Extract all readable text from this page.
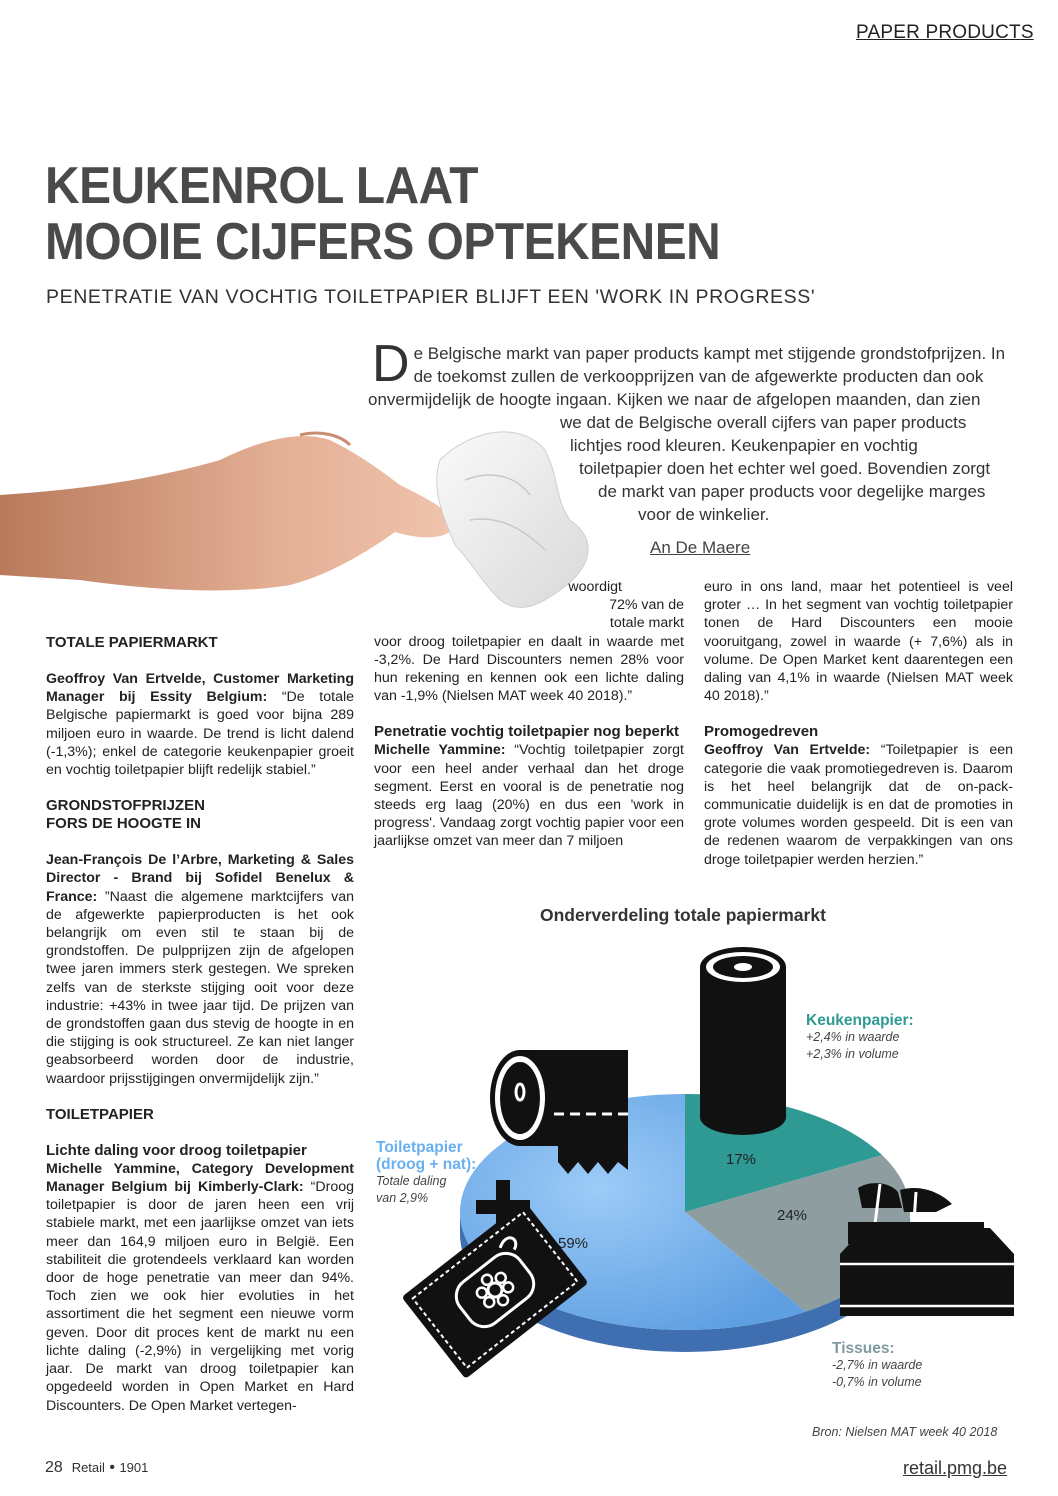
PAPER PRODUCTS
KEUKENROL LAAT
MOOIE CIJFERS OPTEKENEN
PENETRATIE VAN VOCHTIG TOILETPAPIER BLIJFT EEN 'WORK IN PROGRESS'
D e Belgische markt van paper products kampt met stijgende grondstofprijzen. In

de toekomst zullen de verkoopprijzen van de afgewerkte producten dan ook

onvermijdelijk de hoogte ingaan. Kijken we naar de afgelopen maanden, dan zien

we dat de Belgische overall cijfers van paper products

lichtjes rood kleuren. Keukenpapier en vochtig

toiletpapier doen het echter wel goed. Bovendien zorgt

de markt van paper products voor degelijke marges

voor de winkelier.

An De Maere
TOTALE PAPIERMARKT

Geoffroy Van Ertvelde, Customer Marketing Manager bij Essity Belgium: “De totale Belgische papiermarkt is goed voor bijna 289 miljoen euro in waarde. De trend is licht dalend (-1,3%); enkel de categorie keukenpapier groeit en vochtig toiletpapier blijft redelijk stabiel.”

GRONDSTOFPRIJZEN
FORS DE HOOGTE IN

Jean-François De l’Arbre, Marketing & Sales Director - Brand bij Sofidel Benelux & France: ”Naast die algemene marktcijfers van de afgewerkte papierproducten is het ook belangrijk om even stil te staan bij de grondstoffen. De pulpprijzen zijn de afgelopen twee jaren immers sterk gestegen. We spreken zelfs van de sterkste stijging ooit voor deze industrie: +43% in twee jaar tijd. De prijzen van de grondstoffen gaan dus stevig de hoogte in en die stijging is ook structureel. Ze kan niet langer geabsorbeerd worden door de industrie, waardoor prijsstijgingen onvermijdelijk zijn.”

TOILETPAPIER
Lichte daling voor droog toiletpapier

Michelle Yammine, Category Development Manager Belgium bij Kimberly-Clark: “Droog toiletpapier is door de jaren heen een vrij stabiele markt, met een jaarlijkse omzet van iets meer dan 164,9 miljoen euro in België. Een stabiliteit die grotendeels verklaard kan worden door de hoge penetratie van meer dan 94%. Toch zien we ook hier evoluties in het assortiment die het segment een nieuwe vorm geven. Door dit proces kent de markt nu een lichte daling (-2,9%) in vergelijking met vorig jaar. De markt van droog toiletpapier kan opgedeeld worden in Open Market en Hard Discounters. De Open Market vertegen-

woordigt

72% van de

totale markt

voor droog toiletpapier en daalt in waarde met -3,2%. De Hard Discounters nemen 28% voor hun rekening en kennen ook een lichte daling van -1,9% (Nielsen MAT week 40 2018).”

Penetratie vochtig toiletpapier nog beperkt

Michelle Yammine: “Vochtig toiletpapier zorgt voor een heel ander verhaal dan het droge segment. Eerst en vooral is de penetratie nog steeds erg laag (20%) en dus een 'work in progress'. Vandaag zorgt vochtig papier voor een jaarlijkse omzet van meer dan 7 miljoen

euro in ons land, maar het potentieel is veel groter … In het segment van vochtig toiletpapier tonen de Hard Discounters een mooie vooruitgang, zowel in waarde (+ 7,6%) als in volume. De Open Market kent daarentegen een daling van 4,1% in waarde (Nielsen MAT week 40 2018).”

Promogedreven

Geoffroy Van Ertvelde: “Toiletpapier is een categorie die vaak promotiegedreven is. Daarom is het heel belangrijk dat de on-pack-communicatie duidelijk is en dat de promoties in grote volumes worden gespeeld. Dit is een van de redenen waarom de verpakkingen van ons droge toiletpapier werden herzien.”

Onderverdeling totale papiermarkt
59%
17%
24%
Toiletpapier
(droog + nat):
Totale daling
van 2,9%
Keukenpapier:
+2,4% in waarde
+2,3% in volume
Tissues:
-2,7% in waarde
-0,7% in volume
Bron: Nielsen MAT week 40 2018
28 Retail • 1901	retail.pmg.be
